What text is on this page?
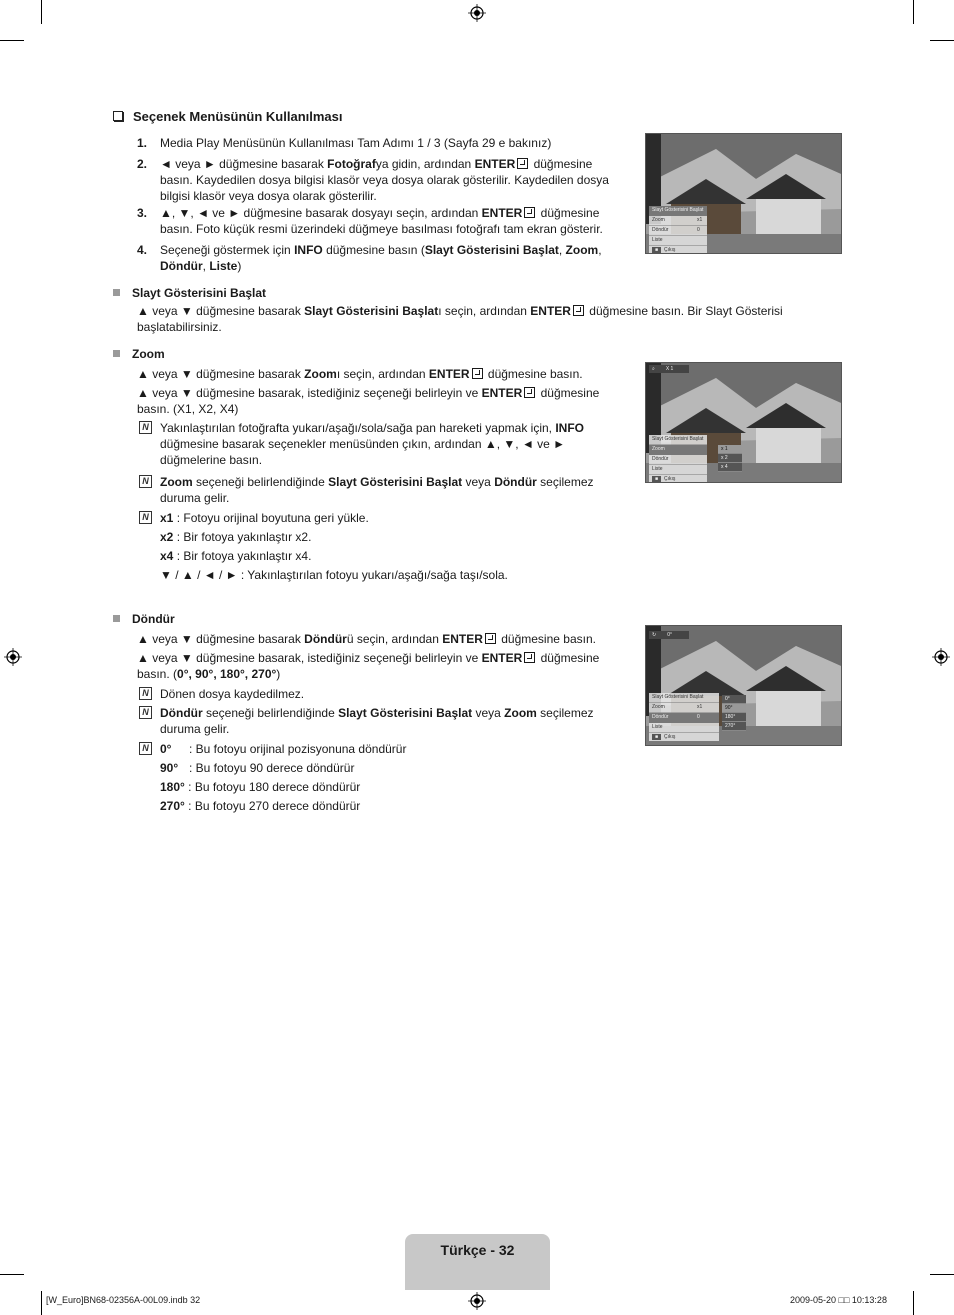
Seçenek Menüsünün Kullanılması
1. Media Play Menüsünün Kullanılması Tam Adımı 1 / 3 (Sayfa 29 e bakınız)
2. ◄ veya ► düğmesine basarak Fotoğrafya gidin, ardından ENTER düğmesine
basın. Kaydedilen dosya bilgisi klasör veya dosya olarak gösterilir. Kaydedilen dosya
bilgisi klasör veya dosya olarak gösterilir.
3. ▲, ▼, ◄ ve ► düğmesine basarak dosyayı seçin, ardından ENTER düğmesine
basın. Foto küçük resmi üzerindeki düğmeye basılması fotoğrafı tam ekran gösterir.
4. Seçeneği göstermek için INFO düğmesine basın (Slayt Gösterisini Başlat, Zoom,
Döndür, Liste)
Slayt Gösterisini Başlat
Zoom	x1
Döndür	0
Liste
■ Çıkış
Slayt Gösterisini Başlat
▲ veya ▼ düğmesine basarak Slayt Gösterisini Başlatı seçin, ardından ENTER düğmesine basın. Bir Slayt Gösterisi
başlatabilirsiniz.
Zoom
▲ veya ▼ düğmesine basarak Zoomı seçin, ardından ENTER düğmesine basın.
▲ veya ▼ düğmesine basarak, istediğiniz seçeneği belirleyin ve ENTER düğmesine
basın. (X1, X2, X4)
N Yakınlaştırılan fotoğrafta yukarı/aşağı/sola/sağa pan hareketi yapmak için, INFO
düğmesine basarak seçenekler menüsünden çıkın, ardından ▲, ▼, ◄ ve ►
düğmelerine basın.
N Zoom seçeneği belirlendiğinde Slayt Gösterisini Başlat veya Döndür seçilemez
duruma gelir.
N x1 : Fotoyu orijinal boyutuna geri yükle.
x2 : Bir fotoya yakınlaştır x2.
x4 : Bir fotoya yakınlaştır x4.
▼ / ▲ / ◄ / ► : Yakınlaştırılan fotoyu yukarı/aşağı/sağa taşı/sola.
⌕ X 1
Slayt Gösterisini Başlat
Zoom
Döndür
Liste
■ Çıkış
x 1
x 2
x 4
Döndür
▲ veya ▼ düğmesine basarak Döndürü seçin, ardından ENTER düğmesine basın.
▲ veya ▼ düğmesine basarak, istediğiniz seçeneği belirleyin ve ENTER düğmesine
basın. (0°, 90°, 180°, 270°)
N Dönen dosya kaydedilmez.
N Döndür seçeneği belirlendiğinde Slayt Gösterisini Başlat veya Zoom seçilemez
duruma gelir.
N 0° : Bu fotoyu orijinal pozisyonuna döndürür
90° : Bu fotoyu 90 derece döndürür
180° : Bu fotoyu 180 derece döndürür
270° : Bu fotoyu 270 derece döndürür
↻ 0°
Slayt Gösterisini Başlat
Zoom	x1
Döndür	0
Liste
■ Çıkış
0°
90°
180°
270°
Türkçe - 32
[W_Euro]BN68-02356A-00L09.indb 32	2009-05-20 □□ 10:13:28
